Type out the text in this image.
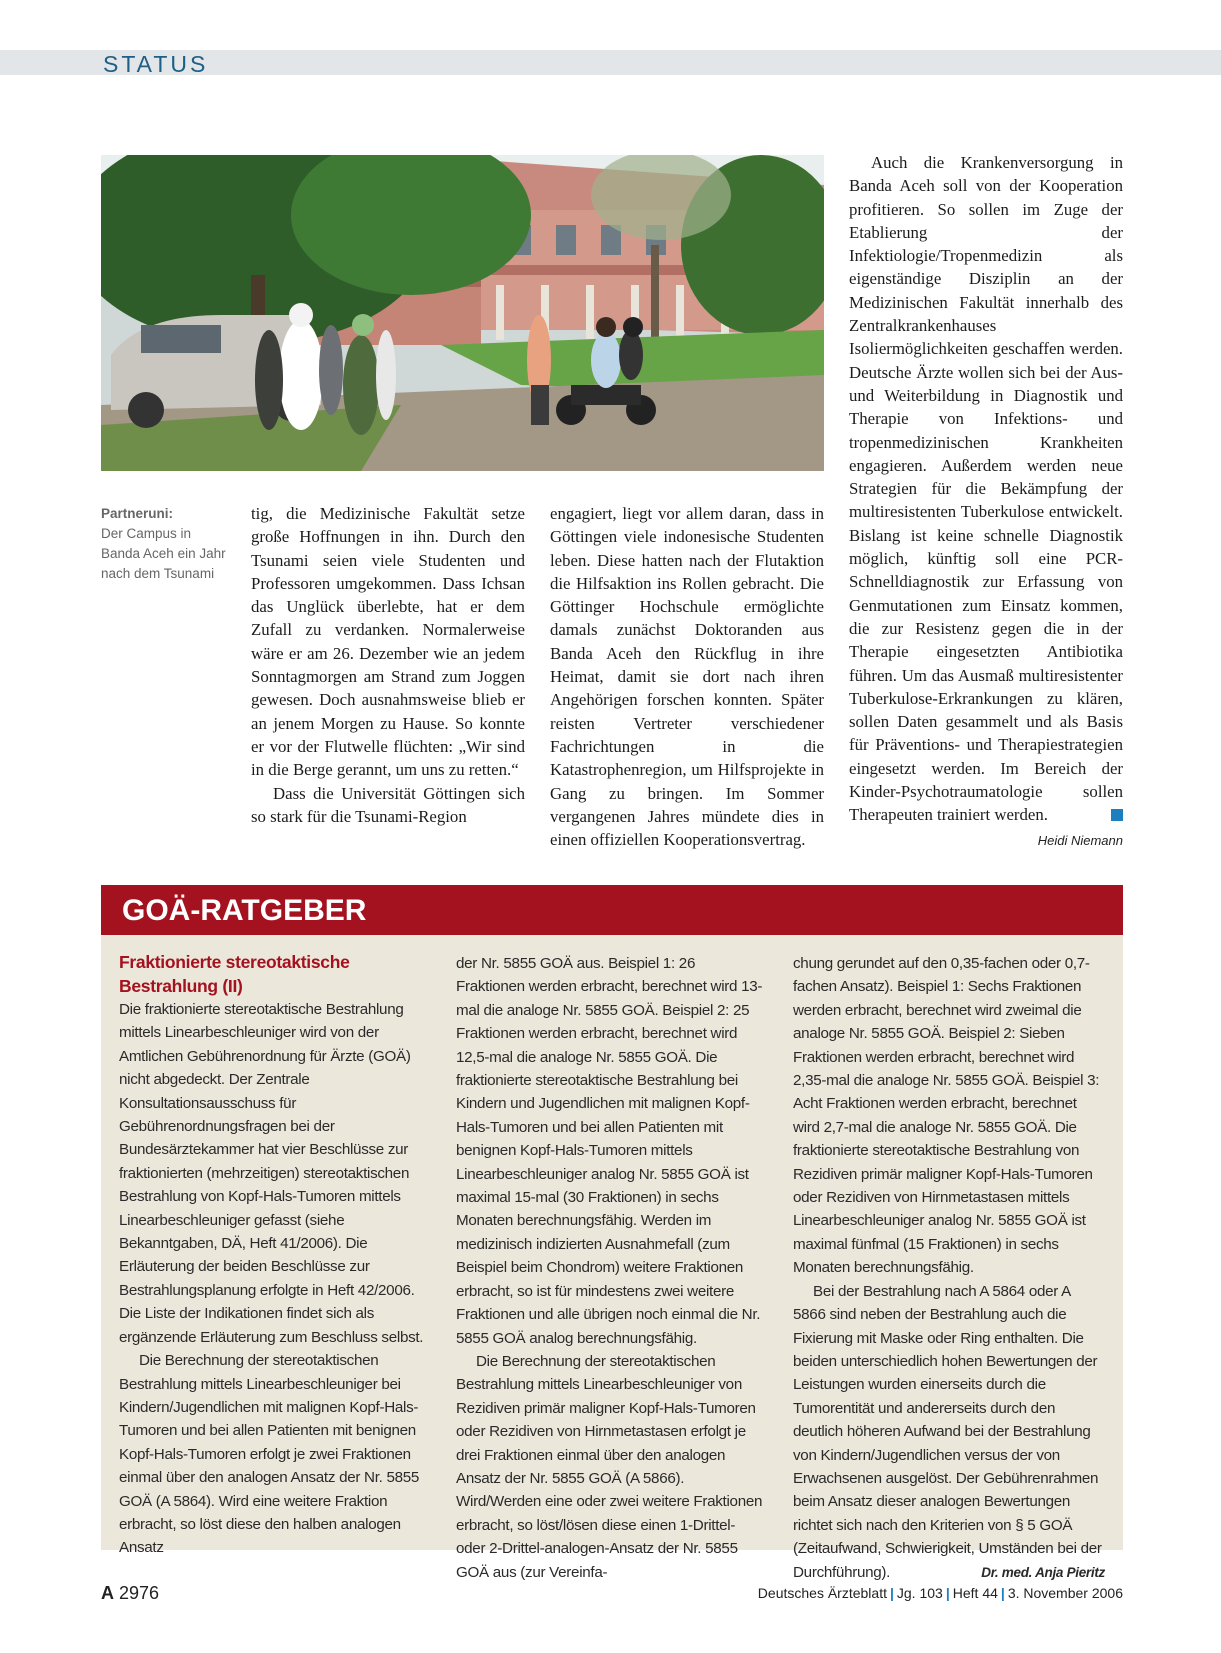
STATUS
Partneruni:
Der Campus in Banda Aceh ein Jahr nach dem Tsunami

tig, die Medizinische Fakultät setze große Hoffnungen in ihn. Durch den Tsunami seien viele Studenten und Professoren umgekommen. Dass Ichsan das Unglück überlebte, hat er dem Zufall zu verdanken. Normalerweise wäre er am 26. Dezember wie an jedem Sonntagmorgen am Strand zum Joggen gewesen. Doch ausnahmsweise blieb er an jenem Morgen zu Hause. So konnte er vor der Flutwelle flüchten: „Wir sind in die Berge gerannt, um uns zu retten.“

Dass die Universität Göttingen sich so stark für die Tsunami-Region

engagiert, liegt vor allem daran, dass in Göttingen viele indonesische Studenten leben. Diese hatten nach der Flutaktion die Hilfsaktion ins Rollen gebracht. Die Göttinger Hochschule ermöglichte damals zunächst Doktoranden aus Banda Aceh den Rückflug in ihre Heimat, damit sie dort nach ihren Angehörigen forschen konnten. Später reisten Vertreter verschiedener Fachrichtungen in die Katastrophenregion, um Hilfsprojekte in Gang zu bringen. Im Sommer vergangenen Jahres mündete dies in einen offiziellen Kooperationsvertrag.

Auch die Krankenversorgung in Banda Aceh soll von der Kooperation profitieren. So sollen im Zuge der Etablierung der Infektiologie/Tropenmedizin als eigenständige Disziplin an der Medizinischen Fakultät innerhalb des Zentralkrankenhauses Isoliermöglichkeiten geschaffen werden. Deutsche Ärzte wollen sich bei der Aus- und Weiterbildung in Diagnostik und Therapie von Infektions- und tropenmedizinischen Krankheiten engagieren. Außerdem werden neue Strategien für die Bekämpfung der multiresistenten Tuberkulose entwickelt. Bislang ist keine schnelle Diagnostik möglich, künftig soll eine PCR-Schnelldiagnostik zur Erfassung von Genmutationen zum Einsatz kommen, die zur Resistenz gegen die in der Therapie eingesetzten Antibiotika führen. Um das Ausmaß multiresistenter Tuberkulose-Erkrankungen zu klären, sollen Daten gesammelt und als Basis für Präventions- und Therapiestrategien eingesetzt werden. Im Bereich der Kinder-Psychotraumatologie sollen Therapeuten trainiert werden.

Heidi Niemann
GOÄ-RATGEBER

Fraktionierte stereotaktische Bestrahlung (II)

Die fraktionierte stereotaktische Bestrahlung mittels Linearbeschleuniger wird von der Amtlichen Gebührenordnung für Ärzte (GOÄ) nicht abgedeckt. Der Zentrale Konsultationsausschuss für Gebührenordnungsfragen bei der Bundesärztekammer hat vier Beschlüsse zur fraktionierten (mehrzeitigen) stereotaktischen Bestrahlung von Kopf-Hals-Tumoren mittels Linearbeschleuniger gefasst (siehe Bekanntgaben, DÄ, Heft 41/2006). Die Erläuterung der beiden Beschlüsse zur Bestrahlungsplanung erfolgte in Heft 42/2006. Die Liste der Indikationen findet sich als ergänzende Erläuterung zum Beschluss selbst.

Die Berechnung der stereotaktischen Bestrahlung mittels Linearbeschleuniger bei Kindern/Jugendlichen mit malignen Kopf-Hals-Tumoren und bei allen Patienten mit benignen Kopf-Hals-Tumoren erfolgt je zwei Fraktionen einmal über den analogen Ansatz der Nr. 5855 GOÄ (A 5864). Wird eine weitere Fraktion erbracht, so löst diese den halben analogen Ansatz

der Nr. 5855 GOÄ aus. Beispiel 1: 26 Fraktionen werden erbracht, berechnet wird 13-mal die analoge Nr. 5855 GOÄ. Beispiel 2: 25 Fraktionen werden erbracht, berechnet wird 12,5-mal die analoge Nr. 5855 GOÄ. Die fraktionierte stereotaktische Bestrahlung bei Kindern und Jugendlichen mit malignen Kopf-Hals-Tumoren und bei allen Patienten mit benignen Kopf-Hals-Tumoren mittels Linearbeschleuniger analog Nr. 5855 GOÄ ist maximal 15-mal (30 Fraktionen) in sechs Monaten berechnungsfähig. Werden im medizinisch indizierten Ausnahmefall (zum Beispiel beim Chondrom) weitere Fraktionen erbracht, so ist für mindestens zwei weitere Fraktionen und alle übrigen noch einmal die Nr. 5855 GOÄ analog berechnungsfähig.

Die Berechnung der stereotaktischen Bestrahlung mittels Linearbeschleuniger von Rezidiven primär maligner Kopf-Hals-Tumoren oder Rezidiven von Hirnmetastasen erfolgt je drei Fraktionen einmal über den analogen Ansatz der Nr. 5855 GOÄ (A 5866). Wird/Werden eine oder zwei weitere Fraktionen erbracht, so löst/lösen diese einen 1-Drittel- oder 2-Drittel-analogen-Ansatz der Nr. 5855 GOÄ aus (zur Vereinfa-

chung gerundet auf den 0,35-fachen oder 0,7-fachen Ansatz). Beispiel 1: Sechs Fraktionen werden erbracht, berechnet wird zweimal die analoge Nr. 5855 GOÄ. Beispiel 2: Sieben Fraktionen werden erbracht, berechnet wird 2,35-mal die analoge Nr. 5855 GOÄ. Beispiel 3: Acht Fraktionen werden erbracht, berechnet wird 2,7-mal die analoge Nr. 5855 GOÄ. Die fraktionierte stereotaktische Bestrahlung von Rezidiven primär maligner Kopf-Hals-Tumoren oder Rezidiven von Hirnmetastasen mittels Linearbeschleuniger analog Nr. 5855 GOÄ ist maximal fünfmal (15 Fraktionen) in sechs Monaten berechnungsfähig.

Bei der Bestrahlung nach A 5864 oder A 5866 sind neben der Bestrahlung auch die Fixierung mit Maske oder Ring enthalten. Die beiden unterschiedlich hohen Bewertungen der Leistungen wurden einerseits durch die Tumorentität und andererseits durch den deutlich höheren Aufwand bei der Bestrahlung von Kindern/Jugendlichen versus der von Erwachsenen ausgelöst. Der Gebührenrahmen beim Ansatz dieser analogen Bewertungen richtet sich nach den Kriterien von § 5 GOÄ (Zeitaufwand, Schwierigkeit, Umständen bei der Durchführung).	Dr. med. Anja Pieritz

A 2976	Deutsches Ärzteblatt | Jg. 103 | Heft 44 | 3. November 2006
